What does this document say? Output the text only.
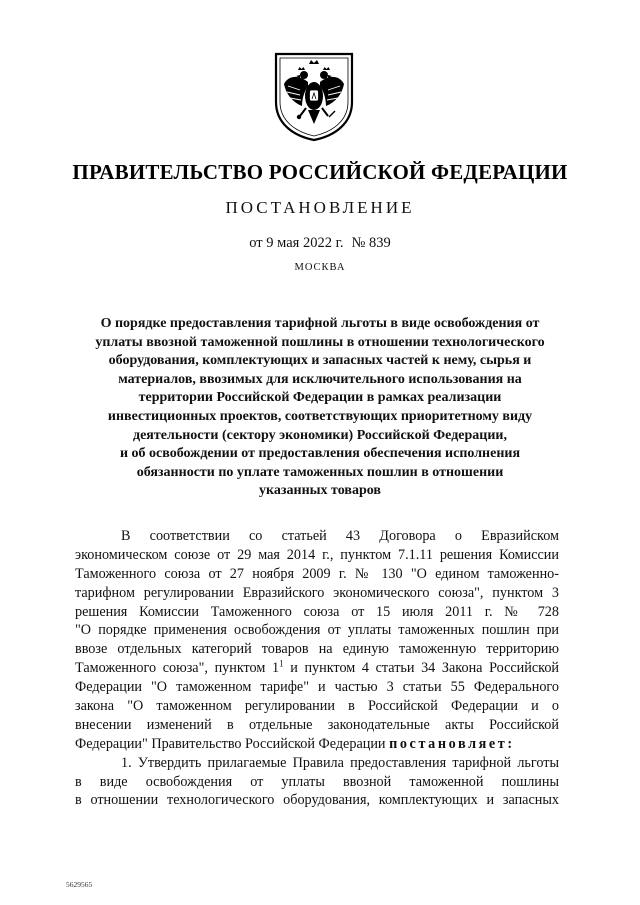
ПРАВИТЕЛЬСТВО РОССИЙСКОЙ ФЕДЕРАЦИИ
ПОСТАНОВЛЕНИЕ
от 9 мая 2022 г. № 839
МОСКВА
О порядке предоставления тарифной льготы в виде освобождения от
уплаты ввозной таможенной пошлины в отношении технологического
оборудования, комплектующих и запасных частей к нему, сырья и
материалов, ввозимых для исключительного использования на
территории Российской Федерации в рамках реализации
инвестиционных проектов, соответствующих приоритетному виду
деятельности (сектору экономики) Российской Федерации,
и об освобождении от предоставления обеспечения исполнения
обязанности по уплате таможенных пошлин в отношении
указанных товаров
В соответствии со статьей 43 Договора о Евразийском
экономическом союзе от 29 мая 2014 г., пунктом 7.1.11 решения Комиссии
Таможенного союза от 27 ноября 2009 г. № 130 "О едином таможенно-
тарифном регулировании Евразийского экономического союза", пунктом 3
решения Комиссии Таможенного союза от 15 июля 2011 г. № 728
"О порядке применения освобождения от уплаты таможенных пошлин при
ввозе отдельных категорий товаров на единую таможенную территорию
Таможенного союза", пунктом $1^1$ и пунктом 4 статьи 34 Закона Российской
Федерации "О таможенном тарифе" и частью 3 статьи 55 Федерального
закона "О таможенном регулировании в Российской Федерации и о
внесении изменений в отдельные законодательные акты Российской
Федерации" Правительство Российской Федерации постановляет:
1. Утвердить прилагаемые Правила предоставления тарифной льготы
в виде освобождения от уплаты ввозной таможенной пошлины
в отношении технологического оборудования, комплектующих и запасных
5629565
